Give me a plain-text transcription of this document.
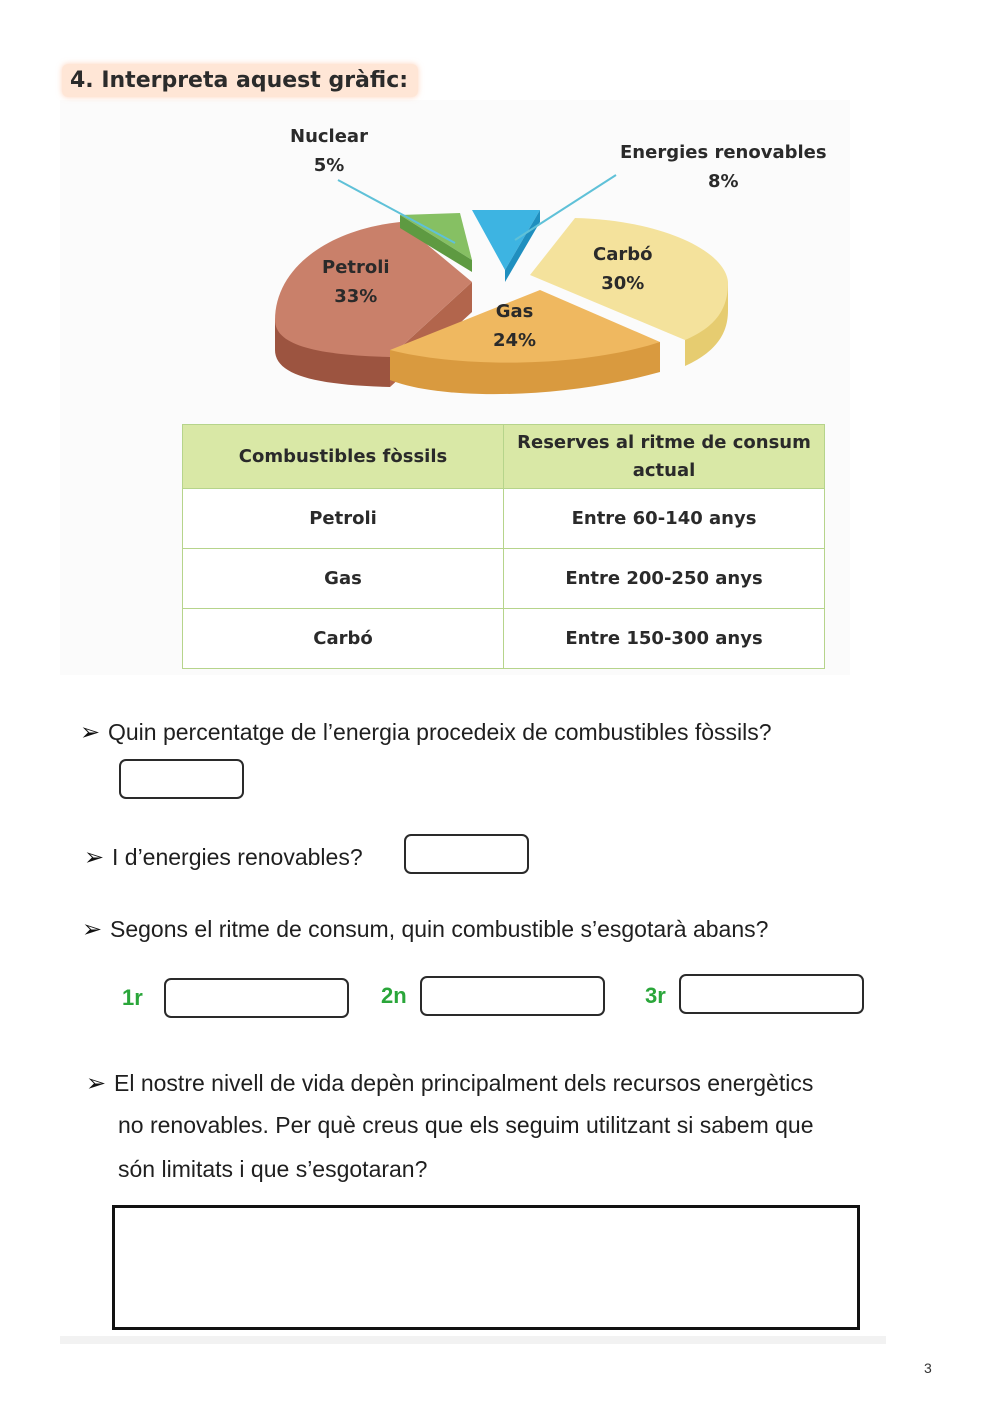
4. Interpreta aquest gràfic:
Nuclear
5%
Energies renovables
8%
Petroli
33%
Carbó
30%
Gas
24%
Combustibles fòssils	Reserves al ritme de consum actual
Petroli	Entre 60-140 anys
Gas	Entre 200-250 anys
Carbó	Entre 150-300 anys
➢ Quin percentatge de l’energia procedeix de combustibles fòssils?
➢ I d’energies renovables?
➢ Segons el ritme de consum, quin combustible s’esgotarà abans?
1r	2n	3r
➢ El nostre nivell de vida depèn principalment dels recursos energètics
no renovables. Per què creus que els seguim utilitzant si sabem que
són limitats i que s’esgotaran?
3
